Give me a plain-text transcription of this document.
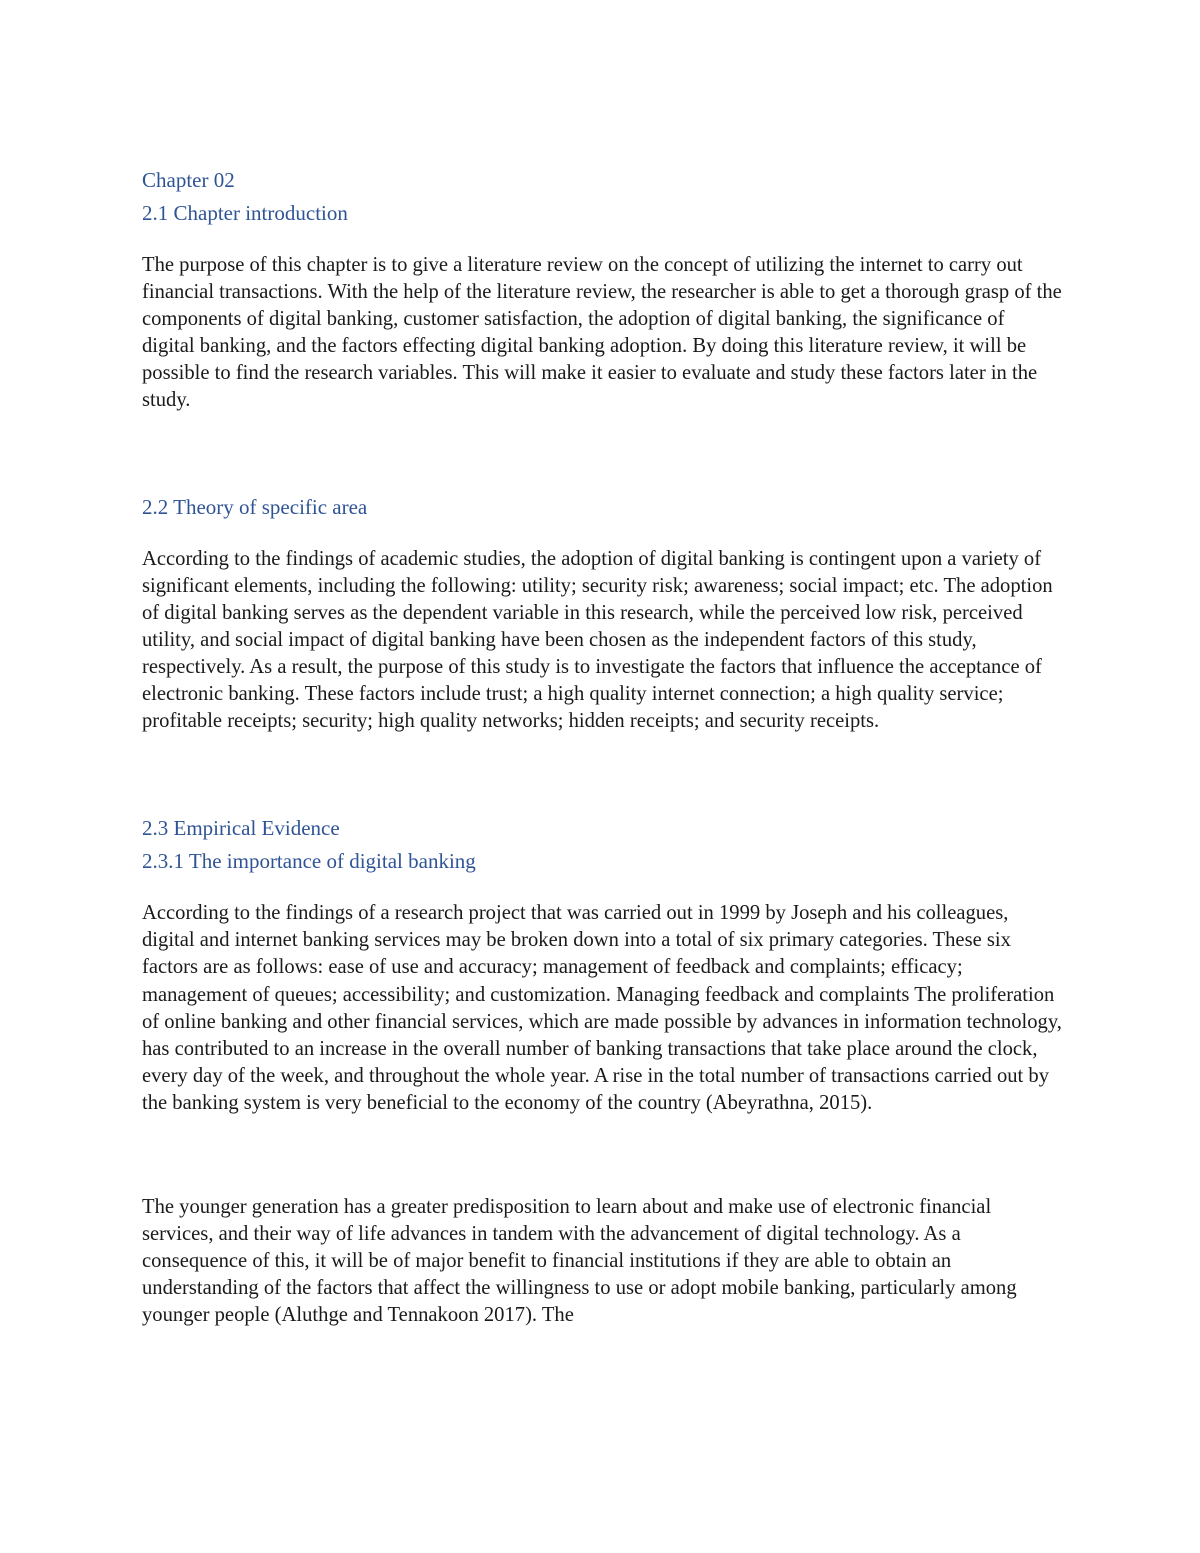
Chapter 02
2.1 Chapter introduction

The purpose of this chapter is to give a literature review on the concept of utilizing the internet to carry out financial transactions. With the help of the literature review, the researcher is able to get a thorough grasp of the components of digital banking, customer satisfaction, the adoption of digital banking, the significance of digital banking, and the factors effecting digital banking adoption. By doing this literature review, it will be possible to find the research variables. This will make it easier to evaluate and study these factors later in the study.

2.2 Theory of specific area

According to the findings of academic studies, the adoption of digital banking is contingent upon a variety of significant elements, including the following: utility; security risk; awareness; social impact; etc. The adoption of digital banking serves as the dependent variable in this research, while the perceived low risk, perceived utility, and social impact of digital banking have been chosen as the independent factors of this study, respectively. As a result, the purpose of this study is to investigate the factors that influence the acceptance of electronic banking. These factors include trust; a high quality internet connection; a high quality service; profitable receipts; security; high quality networks; hidden receipts; and security receipts.

2.3 Empirical Evidence
2.3.1 The importance of digital banking

According to the findings of a research project that was carried out in 1999 by Joseph and his colleagues, digital and internet banking services may be broken down into a total of six primary categories. These six factors are as follows: ease of use and accuracy; management of feedback and complaints; efficacy; management of queues; accessibility; and customization. Managing feedback and complaints The proliferation of online banking and other financial services, which are made possible by advances in information technology, has contributed to an increase in the overall number of banking transactions that take place around the clock, every day of the week, and throughout the whole year. A rise in the total number of transactions carried out by the banking system is very beneficial to the economy of the country (Abeyrathna, 2015).

The younger generation has a greater predisposition to learn about and make use of electronic financial services, and their way of life advances in tandem with the advancement of digital technology. As a consequence of this, it will be of major benefit to financial institutions if they are able to obtain an understanding of the factors that affect the willingness to use or adopt mobile banking, particularly among younger people (Aluthge and Tennakoon 2017). The
